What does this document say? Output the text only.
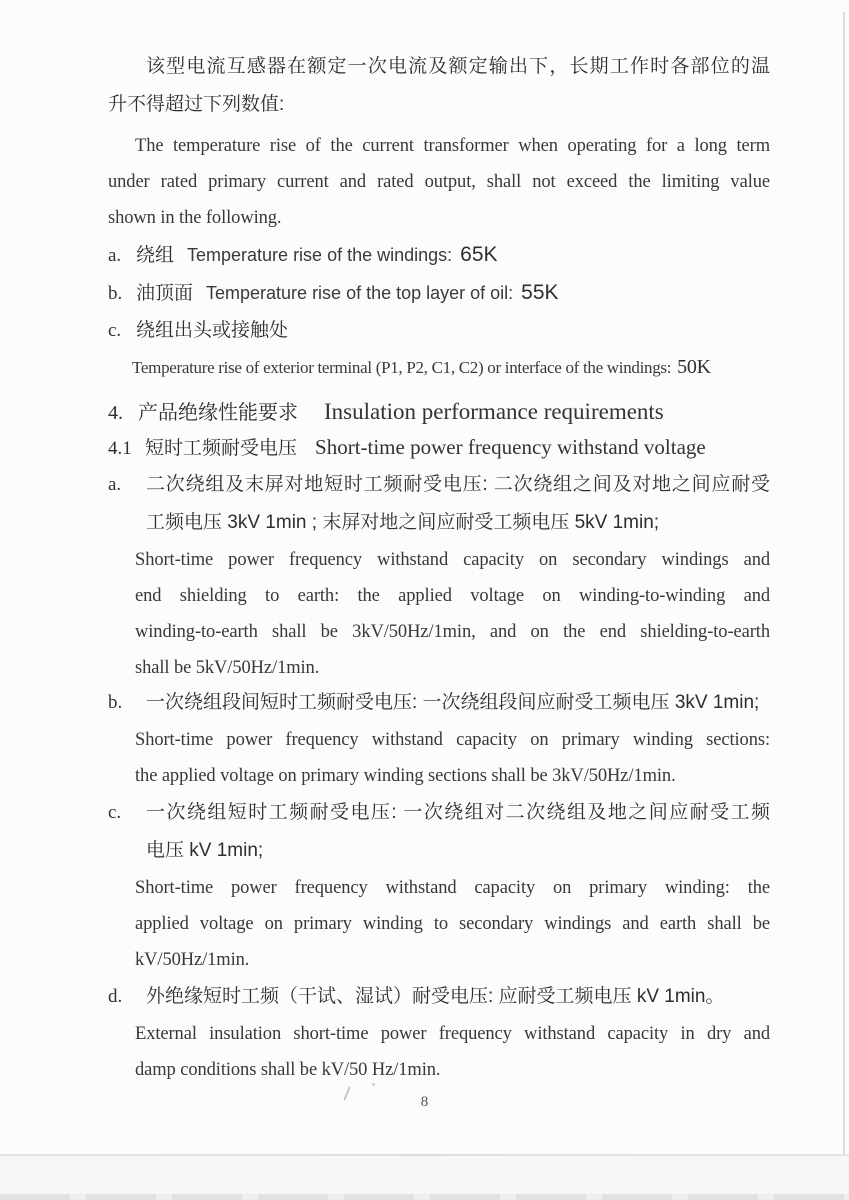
该型电流互感器在额定一次电流及额定输出下，长期工作时各部位的温
升不得超过下列数值:
The temperature rise of the current transformer when operating for a long term
under rated primary current and rated output, shall not exceed the limiting value
shown in the following.
a. 绕组 Temperature rise of the windings: 65K
b. 油顶面 Temperature rise of the top layer of oil: 55K
c. 绕组出头或接触处
Temperature rise of exterior terminal (P1, P2, C1, C2) or interface of the windings: 50K
4. 产品绝缘性能要求 Insulation performance requirements
4.1 短时工频耐受电压 Short-time power frequency withstand voltage
a.	二次绕组及末屏对地短时工频耐受电压: 二次绕组之间及对地之间应耐受
工频电压 3kV 1min ; 末屏对地之间应耐受工频电压 5kV 1min;
Short-time power frequency withstand capacity on secondary windings and
end shielding to earth: the applied voltage on winding-to-winding and
winding-to-earth shall be 3kV/50Hz/1min, and on the end shielding-to-earth
shall be 5kV/50Hz/1min.
b.	一次绕组段间短时工频耐受电压: 一次绕组段间应耐受工频电压 3kV 1min;
Short-time power frequency withstand capacity on primary winding sections:
the applied voltage on primary winding sections shall be 3kV/50Hz/1min.
c.	一次绕组短时工频耐受电压: 一次绕组对二次绕组及地之间应耐受工频
电压 kV 1min;
Short-time power frequency withstand capacity on primary winding: the
applied voltage on primary winding to secondary windings and earth shall be
kV/50Hz/1min.
d.	外绝缘短时工频（干试、湿试）耐受电压: 应耐受工频电压 kV 1min。
External insulation short-time power frequency withstand capacity in dry and
damp conditions shall be kV/50 Hz/1min.
8
